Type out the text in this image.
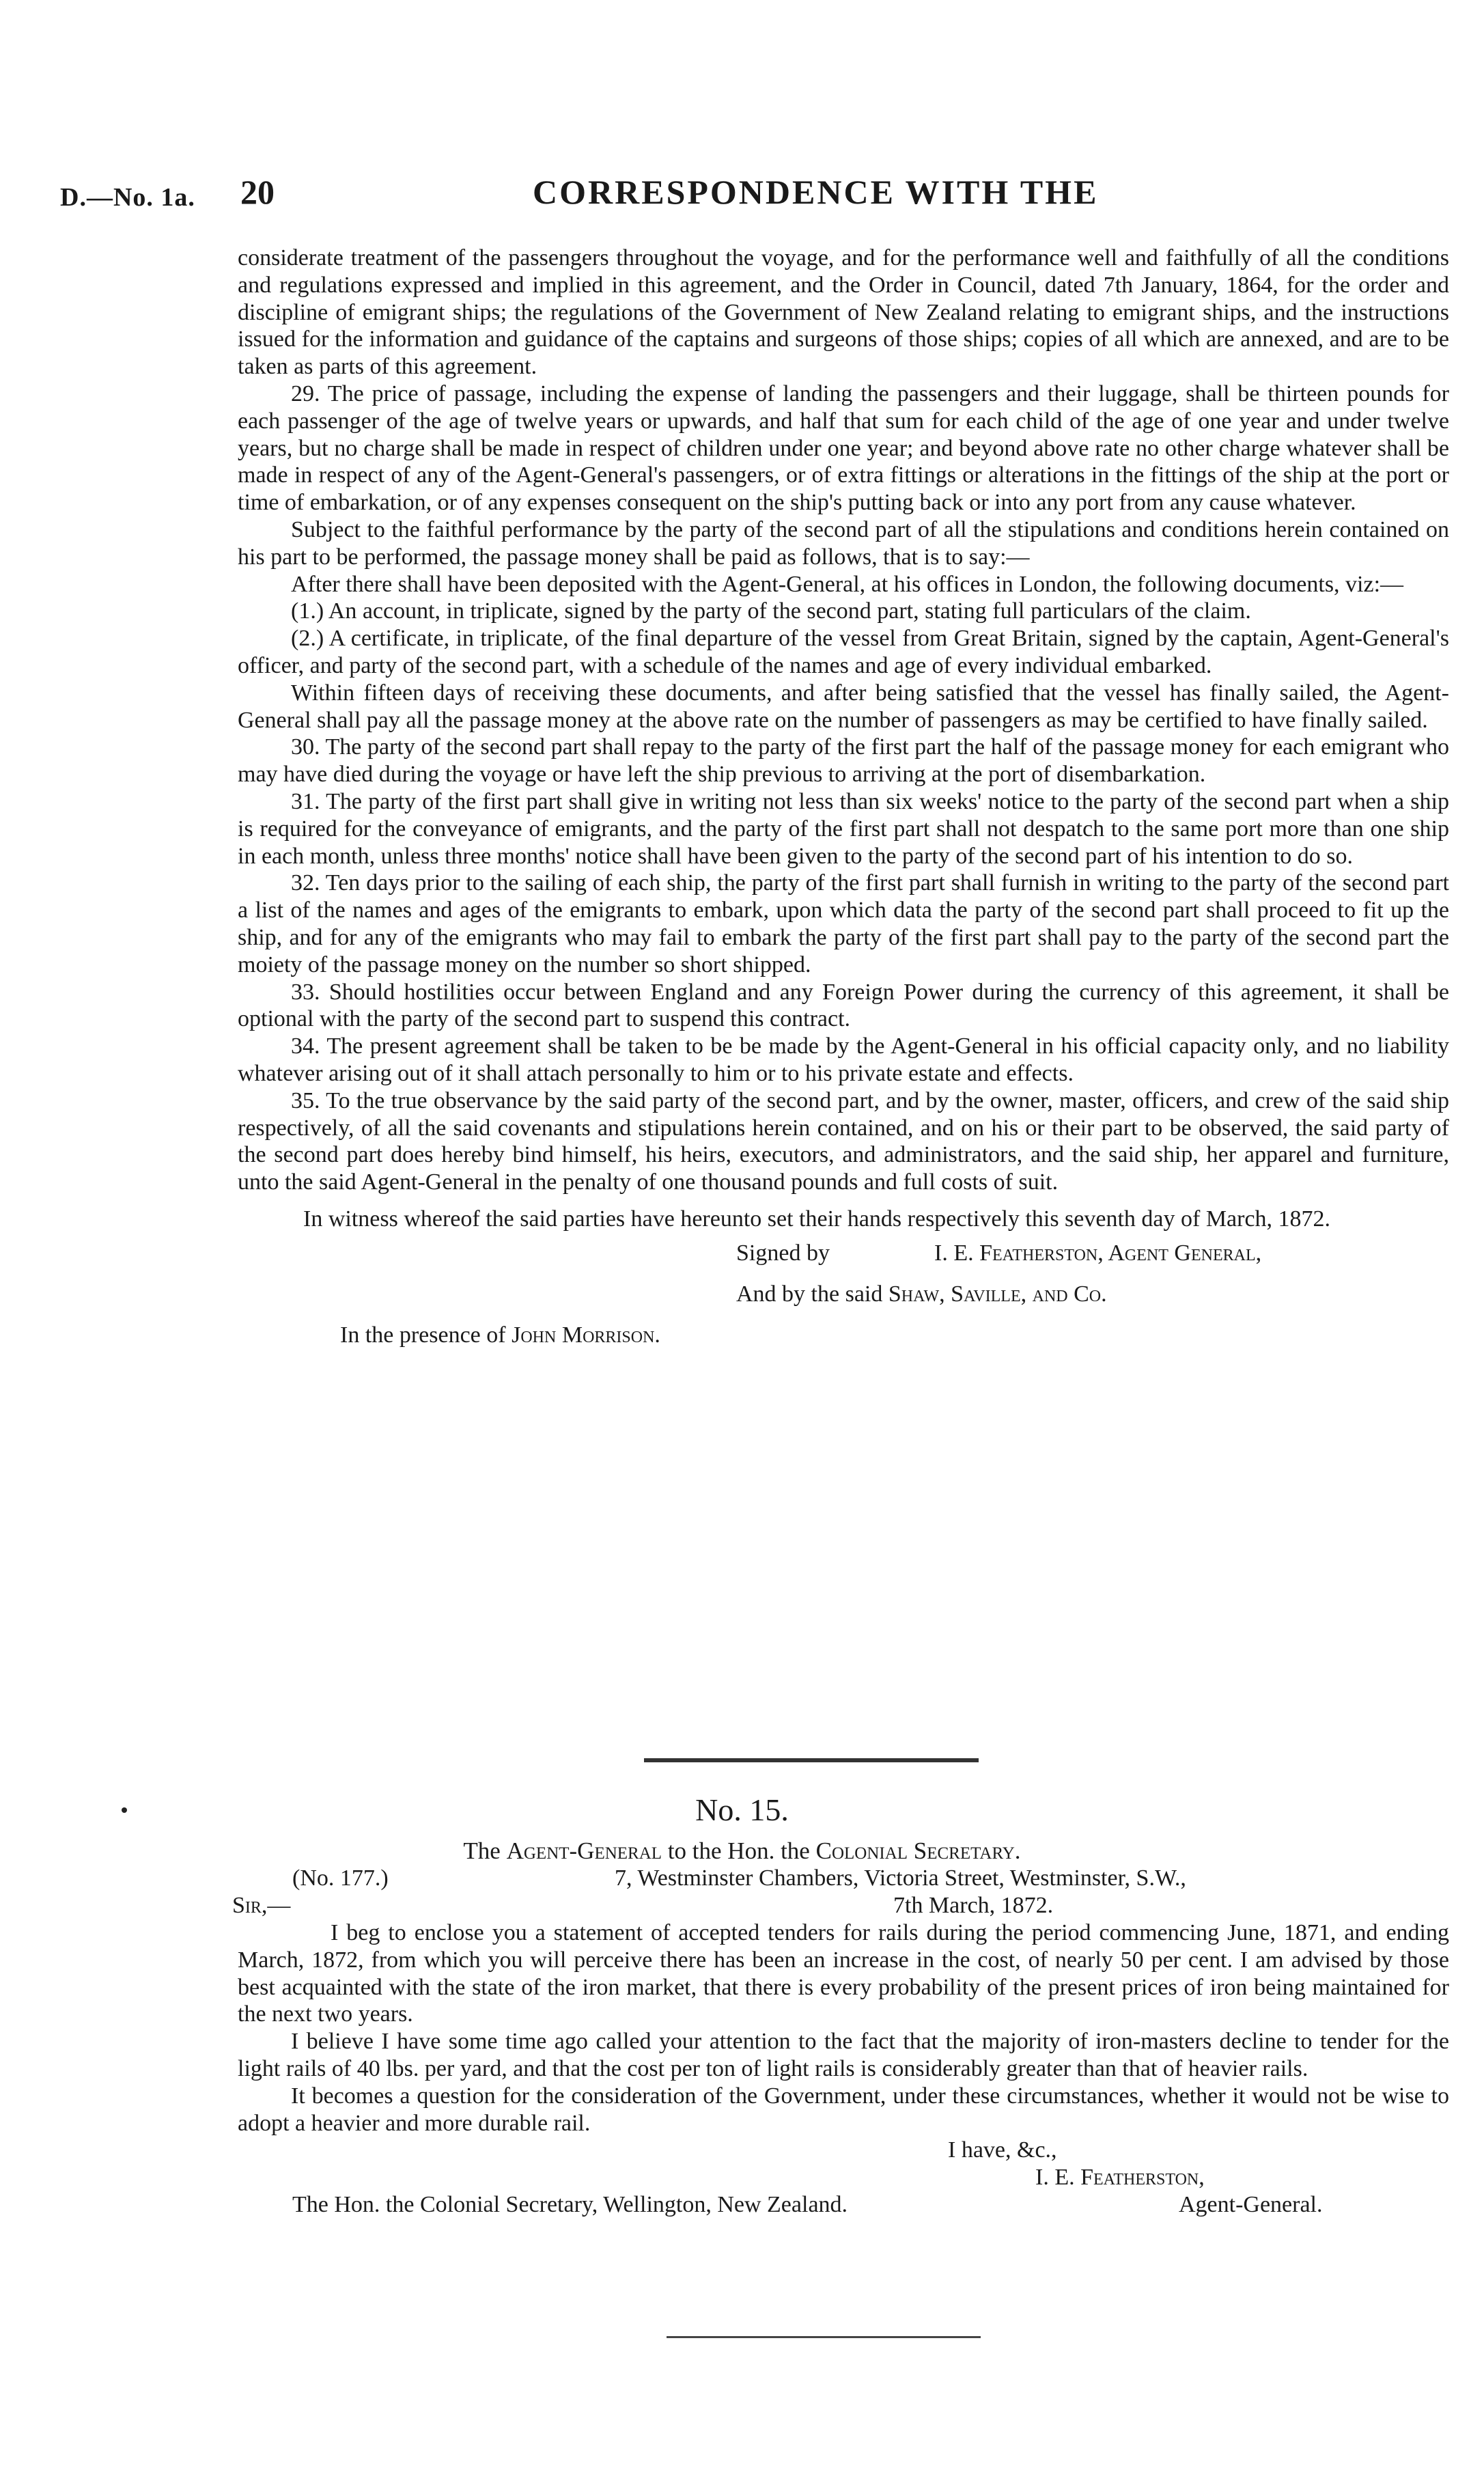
D.—No. 1a. 20	CORRESPONDENCE WITH THE

considerate treatment of the passengers throughout the voyage, and for the performance well and faithfully of all the conditions and regulations expressed and implied in this agreement, and the Order in Council, dated 7th January, 1864, for the order and discipline of emigrant ships; the regulations of the Government of New Zealand relating to emigrant ships, and the instructions issued for the information and guidance of the captains and surgeons of those ships; copies of all which are annexed, and are to be taken as parts of this agreement.

29. The price of passage, including the expense of landing the passengers and their luggage, shall be thirteen pounds for each passenger of the age of twelve years or upwards, and half that sum for each child of the age of one year and under twelve years, but no charge shall be made in respect of children under one year; and beyond above rate no other charge whatever shall be made in respect of any of the Agent-General's passengers, or of extra fittings or alterations in the fittings of the ship at the port or time of embarkation, or of any expenses consequent on the ship's putting back or into any port from any cause whatever.

Subject to the faithful performance by the party of the second part of all the stipulations and conditions herein contained on his part to be performed, the passage money shall be paid as follows, that is to say:—

After there shall have been deposited with the Agent-General, at his offices in London, the following documents, viz:—

(1.) An account, in triplicate, signed by the party of the second part, stating full particulars of the claim.

(2.) A certificate, in triplicate, of the final departure of the vessel from Great Britain, signed by the captain, Agent-General's officer, and party of the second part, with a schedule of the names and age of every individual embarked.

Within fifteen days of receiving these documents, and after being satisfied that the vessel has finally sailed, the Agent-General shall pay all the passage money at the above rate on the number of passengers as may be certified to have finally sailed.

30. The party of the second part shall repay to the party of the first part the half of the passage money for each emigrant who may have died during the voyage or have left the ship previous to arriving at the port of disembarkation.

31. The party of the first part shall give in writing not less than six weeks' notice to the party of the second part when a ship is required for the conveyance of emigrants, and the party of the first part shall not despatch to the same port more than one ship in each month, unless three months' notice shall have been given to the party of the second part of his intention to do so.

32. Ten days prior to the sailing of each ship, the party of the first part shall furnish in writing to the party of the second part a list of the names and ages of the emigrants to embark, upon which data the party of the second part shall proceed to fit up the ship, and for any of the emigrants who may fail to embark the party of the first part shall pay to the party of the second part the moiety of the passage money on the number so short shipped.

33. Should hostilities occur between England and any Foreign Power during the currency of this agreement, it shall be optional with the party of the second part to suspend this contract.

34. The present agreement shall be taken to be be made by the Agent-General in his official capacity only, and no liability whatever arising out of it shall attach personally to him or to his private estate and effects.

35. To the true observance by the said party of the second part, and by the owner, master, officers, and crew of the said ship respectively, of all the said covenants and stipulations herein contained, and on his or their part to be observed, the said party of the second part does hereby bind himself, his heirs, executors, and administrators, and the said ship, her apparel and furniture, unto the said Agent-General in the penalty of one thousand pounds and full costs of suit.

In witness whereof the said parties have hereunto set their hands respectively this seventh day of March, 1872.

Signed by	I. E. Featherston, Agent General,
And by the said Shaw, Saville, and Co.
In the presence of John Morrison.
No. 15.
The Agent-General to the Hon. the Colonial Secretary.
(No. 177.)	7, Westminster Chambers, Victoria Street, Westminster, S.W.,
Sir,—	7th March, 1872.

I beg to enclose you a statement of accepted tenders for rails during the period commencing June, 1871, and ending March, 1872, from which you will perceive there has been an increase in the cost, of nearly 50 per cent. I am advised by those best acquainted with the state of the iron market, that there is every probability of the present prices of iron being maintained for the next two years.

I believe I have some time ago called your attention to the fact that the majority of iron-masters decline to tender for the light rails of 40 lbs. per yard, and that the cost per ton of light rails is considerably greater than that of heavier rails.

It becomes a question for the consideration of the Government, under these circumstances, whether it would not be wise to adopt a heavier and more durable rail.

I have, &c.,
I. E. Featherston,
The Hon. the Colonial Secretary, Wellington, New Zealand.	Agent-General.
